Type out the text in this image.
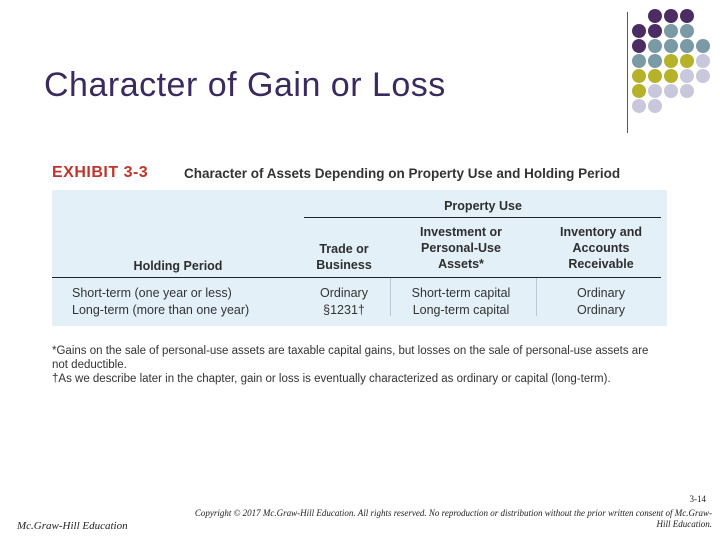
Character of Gain or Loss
EXHIBIT 3-3	Character of Assets Depending on Property Use and Holding Period
Property Use
Holding Period
Trade or Business
Investment or Personal-Use Assets*
Inventory and Accounts Receivable
Short-term (one year or less)	Ordinary	Short-term capital	Ordinary
Long-term (more than one year)	§1231†	Long-term capital	Ordinary

*Gains on the sale of personal-use assets are taxable capital gains, but losses on the sale of personal-use assets are not deductible.

†As we describe later in the chapter, gain or loss is eventually characterized as ordinary or capital (long-term).

Mc.Graw-Hill Education
3-14
Copyright © 2017 Mc.Graw-Hill Education. All rights reserved. No reproduction or distribution without the prior written consent of Mc.Graw-Hill Education.
